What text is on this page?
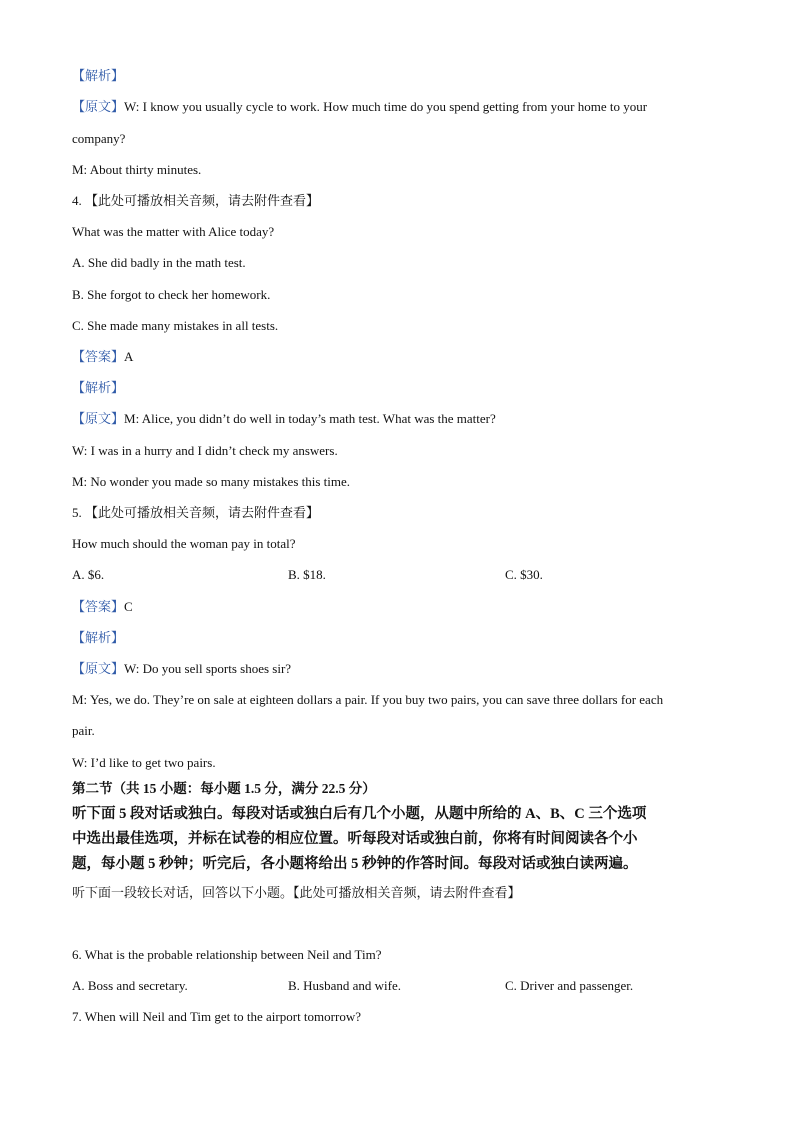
【解析】
【原文】W: I know you usually cycle to work. How much time do you spend getting from your home to your
company?
M: About thirty minutes.
4. 【此处可播放相关音频，请去附件查看】
What was the matter with Alice today?
A. She did badly in the math test.
B. She forgot to check her homework.
C. She made many mistakes in all tests.
【答案】A
【解析】
【原文】M: Alice, you didn’t do well in today’s math test. What was the matter?
W: I was in a hurry and I didn’t check my answers.
M: No wonder you made so many mistakes this time.
5. 【此处可播放相关音频，请去附件查看】
How much should the woman pay in total?
A. $6.	B. $18.	C. $30.
【答案】C
【解析】
【原文】W: Do you sell sports shoes sir?
M: Yes, we do. They’re on sale at eighteen dollars a pair. If you buy two pairs, you can save three dollars for each
pair.
W: I’d like to get two pairs.
第二节（共 15 小题：每小题 1.5 分，满分 22.5 分）
听下面 5 段对话或独白。每段对话或独白后有几个小题，从题中所给的 A、B、C 三个选项
中选出最佳选项，并标在试卷的相应位置。听每段对话或独白前，你将有时间阅读各个小
题，每小题 5 秒钟；听完后，各小题将给出 5 秒钟的作答时间。每段对话或独白读两遍。
听下面一段较长对话，回答以下小题。【此处可播放相关音频，请去附件查看】
6. What is the probable relationship between Neil and Tim?
A. Boss and secretary.	B. Husband and wife.	C. Driver and passenger.
7. When will Neil and Tim get to the airport tomorrow?
